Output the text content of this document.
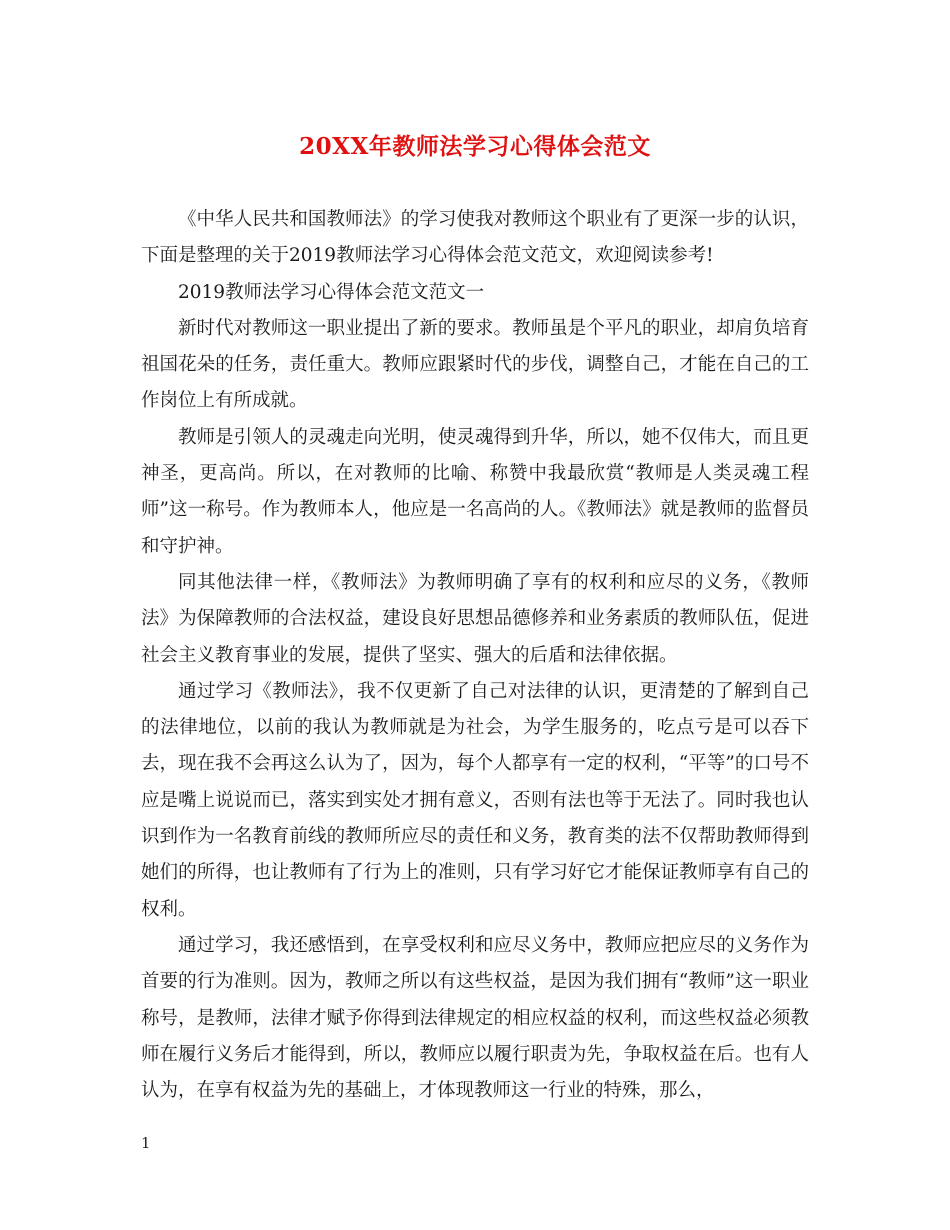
20XX年教师法学习心得体会范文

《中华人民共和国教师法》的学习使我对教师这个职业有了更深一步的认识，下面是整理的关于2019教师法学习心得体会范文范文，欢迎阅读参考!

2019教师法学习心得体会范文范文一

新时代对教师这一职业提出了新的要求。教师虽是个平凡的职业，却肩负培育祖国花朵的任务，责任重大。教师应跟紧时代的步伐，调整自己，才能在自己的工作岗位上有所成就。

教师是引领人的灵魂走向光明，使灵魂得到升华，所以，她不仅伟大，而且更神圣，更高尚。所以，在对教师的比喻、称赞中我最欣赏“教师是人类灵魂工程师”这一称号。作为教师本人，他应是一名高尚的人。《教师法》就是教师的监督员和守护神。

同其他法律一样，《教师法》为教师明确了享有的权利和应尽的义务，《教师法》为保障教师的合法权益，建设良好思想品德修养和业务素质的教师队伍，促进社会主义教育事业的发展，提供了坚实、强大的后盾和法律依据。

通过学习《教师法》，我不仅更新了自己对法律的认识，更清楚的了解到自己的法律地位，以前的我认为教师就是为社会，为学生服务的，吃点亏是可以吞下去，现在我不会再这么认为了，因为，每个人都享有一定的权利，“平等”的口号不应是嘴上说说而已，落实到实处才拥有意义，否则有法也等于无法了。同时我也认识到作为一名教育前线的教师所应尽的责任和义务，教育类的法不仅帮助教师得到她们的所得，也让教师有了行为上的准则，只有学习好它才能保证教师享有自己的权利。

通过学习，我还感悟到，在享受权利和应尽义务中，教师应把应尽的义务作为首要的行为准则。因为，教师之所以有这些权益，是因为我们拥有“教师”这一职业称号，是教师，法律才赋予你得到法律规定的相应权益的权利，而这些权益必须教师在履行义务后才能得到，所以，教师应以履行职责为先，争取权益在后。也有人认为，在享有权益为先的基础上，才体现教师这一行业的特殊，那么，

1
